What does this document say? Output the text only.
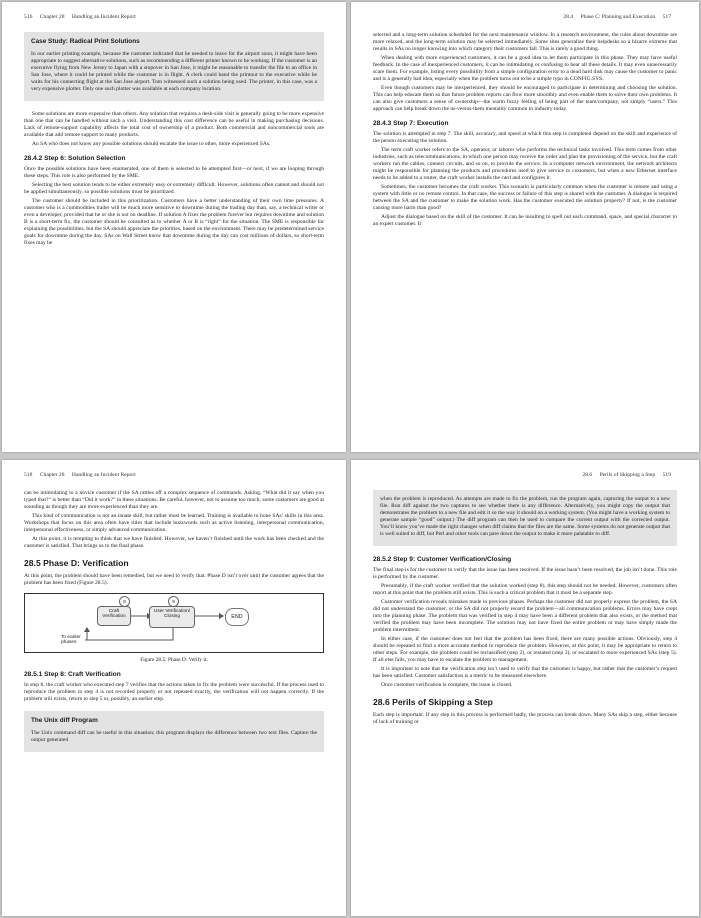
516 Chapter 28 Handling an Incident Report
Case Study: Radical Print Solutions

In our earlier printing example, because the customer indicated that he needed to leave for the airport soon, it might have been appropriate to suggest alternative solutions, such as recommending a different printer known to be working. If the customer is an executive flying from New Jersey to Japan with a stopover in San Jose, it might be reasonable to transfer the file to an office in San Jose, where it could be printed while the customer is in flight. A clerk could hand the printout to the executive while he waits for his connecting flight at the San Jose airport. Tom witnessed such a solution being used. The printer, in this case, was a very expensive plotter. Only one such plotter was available at each company location.

Some solutions are more expensive than others. Any solution that requires a desk-side visit is generally going to be more expensive than one that can be handled without such a visit. Understanding this cost difference can be useful in making purchasing decisions. Lack of remote-support capability affects the total cost of ownership of a product. Both commercial and noncommercial tools are available that add remote support to many products.

An SA who does not know any possible solutions should escalate the issue to other, more experienced SAs.

28.4.2 Step 6: Solution Selection

Once the possible solutions have been enumerated, one of them is selected to be attempted first—or next, if we are looping through these steps. This role is also performed by the SME.

Selecting the best solution tends to be either extremely easy or extremely difficult. However, solutions often cannot and should not be applied simultaneously, so possible solutions must be prioritized.

The customer should be included in this prioritization. Customers have a better understanding of their own time pressures. A customer who is a commodities trader will be much more sensitive to downtime during the trading day than, say, a technical writer or even a developer, provided that he or she is not on deadline. If solution A fixes the problem forever but requires downtime and solution B is a short-term fix, the customer should be consulted as to whether A or B is “right” for the situation. The SME is responsible for explaining the possibilities, but the SA should appreciate the priorities, based on the environment. There may be predetermined service goals for downtime during the day. SAs on Wall Street know that downtime during the day can cost millions of dollars, so short-term fixes may be

28.4 Phase C: Planning and Execution 517

selected and a long-term solution scheduled for the next maintenance window. In a research environment, the rules about downtime are more relaxed, and the long-term solution may be selected immediately. Some sites generalize their helpdesks so a bizarre extreme that results in SAs no longer knowing into which category their customers fall. This is rarely a good thing.

When dealing with more experienced customers, it can be a good idea to let them participate in this phase. They may have useful feedback. In the case of inexperienced customers, it can be intimidating or confusing to hear all these details. It may even unnecessarily scare them. For example, listing every possibility from a simple configuration error to a dead hard disk may cause the customer to panic and is a generally bad idea, especially when the problem turns out to be a simple typo in CONFIG.SYS.

Even though customers may be inexperienced, they should be encouraged to participate in determining and choosing the solution. This can help educate them so that future problem reports can flow more smoothly and even enable them to solve their own problems. It can also give customers a sense of ownership—the warm fuzzy feeling of being part of the team/company, not simply “users.” This approach can help break down the us-versus-them mentality common in industry today.

28.4.3 Step 7: Execution

The solution is attempted in step 7. The skill, accuracy, and speed at which this step is completed depend on the skill and experience of the person executing the solution.

The term craft worker refers to the SA, operator, or laborer who performs the technical tasks involved. This term comes from other industries, such as telecommunications, in which one person may receive the order and plan the provisioning of the service, but the craft workers run the cables, connect circuits, and so on, to provide the service. In a computer network environment, the network architects might be responsible for planning the products and procedures used to give service to customers, but when a new Ethernet interface needs to be added to a router, the craft worker installs the card and configures it.

Sometimes, the customer becomes the craft worker. This scenario is particularly common when the customer is remote and using a system with little or no remote control. In that case, the success or failure of this step is shared with the customer. A dialogue is required between the SA and the customer to make the solution work. Has the customer executed the solution properly? If not, is the customer causing more harm than good?

Adjust the dialogue based on the skill of the customer. It can be insulting to spell out each command, space, and special character to an expert customer. It

518 Chapter 28 Handling an Incident Report

can be intimidating to a novice customer if the SA rattles off a complex sequence of commands. Asking, “What did it say when you typed that?” is better than “Did it work?” in these situations. Be careful, however, not to assume too much; some customers are good at sounding as though they are more experienced than they are.

This kind of communication is not an innate skill, but rather must be learned. Training is available to hone SAs’ skills in this area. Workshops that focus on this area often have titles that include buzzwords such as active listening, interpersonal communication, interpersonal effectiveness, or simply advanced communication.

At this point, it is tempting to think that we have finished. However, we haven’t finished until the work has been checked and the customer is satisfied. That brings us to the final phase.

28.5 Phase D: Verification

At this point, the problem should have been remedied, but we need to verify that. Phase D isn’t over until the customer agrees that the problem has been fixed (Figure 28.5).

8
Craft Verification
9
User Verification/ Closing	END
To earlier phases
Figure 28.5: Phase D: Verify it.
28.5.1 Step 8: Craft Verification

In step 8, the craft worker who executed step 7 verifies that the actions taken to fix the problem were successful. If the process used to reproduce the problem in step 4 is not recorded properly or not repeated exactly, the verification will not happen correctly. If the problem still exists, return to step 5 or, possibly, an earlier step.

The Unix diff Program

The Unix command diff can be useful in this situation; this program displays the difference between two text files. Capture the output generated

28.6 Perils of Skipping a Step 519

when the problem is reproduced. As attempts are made to fix the problem, run the program again, capturing the output to a new file. Run diff against the two captures to see whether there is any difference. Alternatively, you might copy the output that demonstrates the problem to a new file and edit it so the way it should on a working system. (You might have a working system to generate sample “good” output.) The diff program can then be used to compare the current output with the corrected output. You’ll know you’ve made the right changes when diff claims that the files are the same. Some systems do not generate output that is well suited to diff, but Perl and other tools can pare down the output to make it more palatable to diff.

28.5.2 Step 9: Customer Verification/Closing

The final step is for the customer to verify that the issue has been resolved. If the issue hasn’t been resolved, the job isn’t done. This role is performed by the customer.

Presumably, if the craft worker verified that the solution worked (step 8), this step should not be needed. However, customers often report at this point that the problem still exists. This is such a critical problem that it must be a separate step.

Customer verification reveals mistakes made in previous phases. Perhaps the customer did not properly express the problem, the SA did not understand the customer, or the SA did not properly record the problem—all communication problems. Errors may have crept into the planning phase. The problem that was verified in step 4 may have been a different problem that also exists, or the method that verified the problem may have been incomplete. The solution may not have fixed the entire problem or may have simply made the problem intermittent.

In either case, if the customer does not feel that the problem has been fixed, there are many possible actions. Obviously, step 4 should be repeated to find a more accurate method to reproduce the problem. However, at this point, it may be appropriate to return to other steps. For example, the problem could be reclassified (step 2), or restated (step 3), or escalated to more experienced SAs (step 5). If all else fails, you may have to escalate the problem to management.

It is important to note that the verification step isn’t used to verify that the customer is happy, but rather that the customer’s request has been satisfied. Customer satisfaction is a metric to be measured elsewhere.

Once customer verification is complete, the issue is closed.

28.6 Perils of Skipping a Step

Each step is important. If any step in this process is performed badly, the process can break down. Many SAs skip a step, either because of lack of training or
